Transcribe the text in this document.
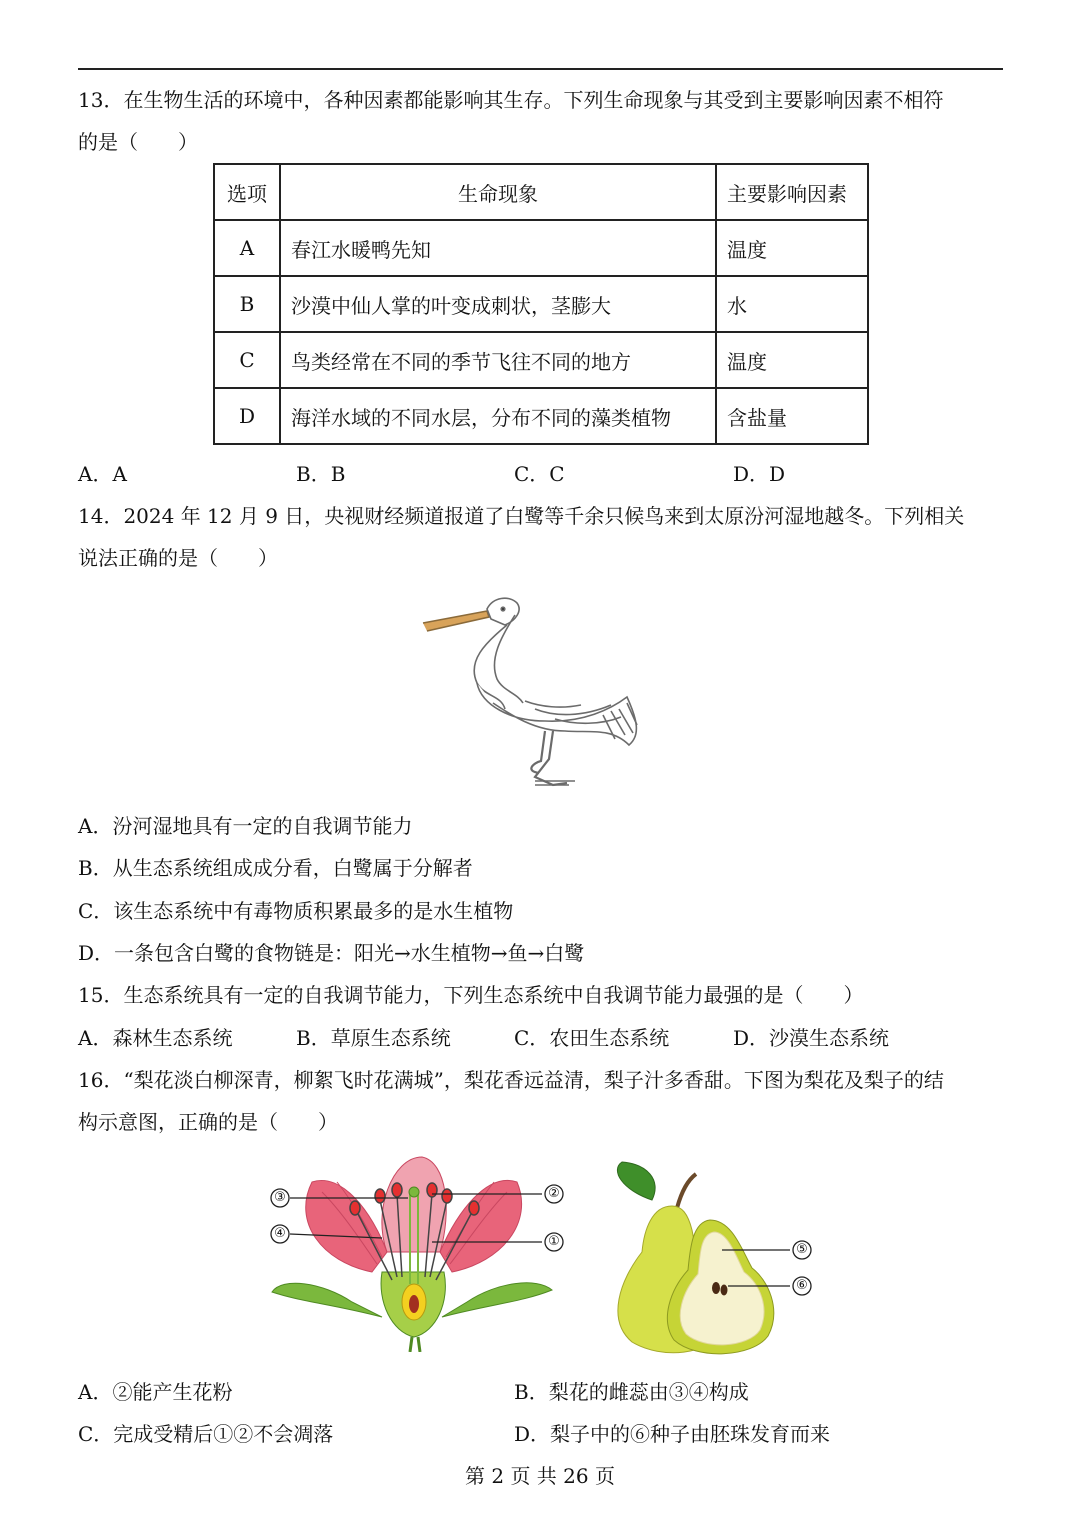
13．在生物生活的环境中，各种因素都能影响其生存。下列生命现象与其受到主要影响因素不相符
的是（　　）
选项	生命现象	主要影响因素
A	春江水暖鸭先知	温度
B	沙漠中仙人掌的叶变成刺状，茎膨大	水
C	鸟类经常在不同的季节飞往不同的地方	温度
D	海洋水域的不同水层，分布不同的藻类植物	含盐量
A．A	B．B	C．C	D．D
14．2024 年 12 月 9 日，央视财经频道报道了白鹭等千余只候鸟来到太原汾河湿地越冬。下列相关
说法正确的是（　　）
A．汾河湿地具有一定的自我调节能力
B．从生态系统组成成分看，白鹭属于分解者
C．该生态系统中有毒物质积累最多的是水生植物
D．一条包含白鹭的食物链是：阳光→水生植物→鱼→白鹭
15．生态系统具有一定的自我调节能力，下列生态系统中自我调节能力最强的是（　　）
A．森林生态系统	B．草原生态系统	C．农田生态系统	D．沙漠生态系统
16．“梨花淡白柳深青，柳絮飞时花满城”，梨花香远益清，梨子汁多香甜。下图为梨花及梨子的结
构示意图，正确的是（　　）
③
④
②
①
⑤
⑥
A．②能产生花粉	B．梨花的雌蕊由③④构成
C．完成受精后①②不会凋落	D．梨子中的⑥种子由胚珠发育而来
第 2 页 共 26 页
